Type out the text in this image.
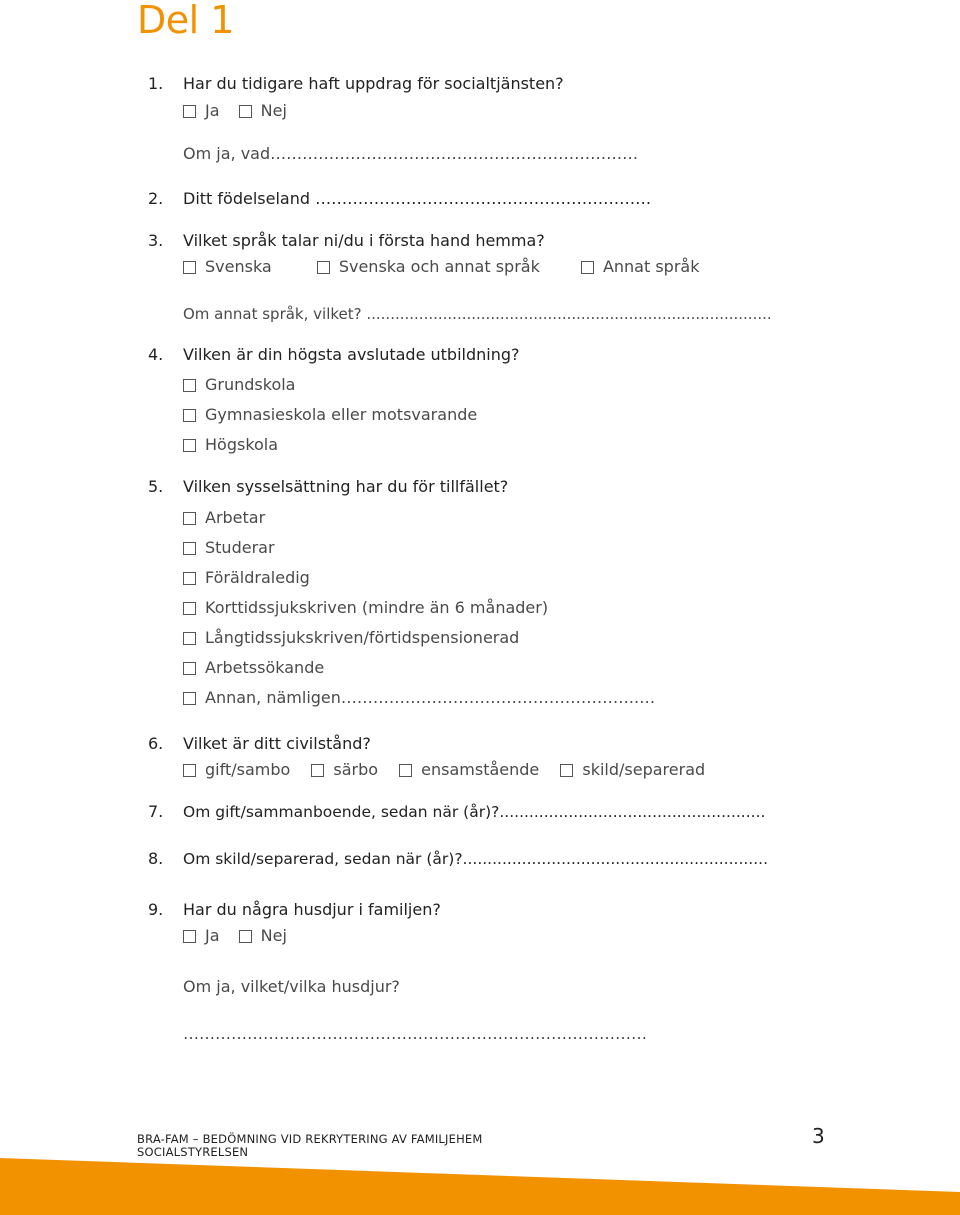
Del 1
1. Har du tidigare haft uppdrag för socialtjänsten?
Ja
	Nej
Om ja, vad……………………………………………………………
2. Ditt födelseland ………………………………………………………
3. Vilket språk talar ni/du i första hand hemma?
Svenska
	Svenska och annat språk
	Annat språk
Om annat språk, vilket? .....................................................................................
4. Vilken är din högsta avslutade utbildning?
Grundskola
Gymnasieskola eller motsvarande
Högskola
5. Vilken sysselsättning har du för tillfället?
Arbetar
Studerar
Föräldraledig
Korttidssjukskriven (mindre än 6 månader)
Långtidssjukskriven/förtidspensionerad
Arbetssökande
Annan, nämligen………………………………………………..…
6. Vilket är ditt civilstånd?
gift/sambo
	särbo
	ensamstående
	skild/separerad
7. Om gift/sammanboende, sedan när (år)?......................................................
8. Om skild/separerad, sedan när (år)?..............................................................
9. Har du några husdjur i familjen?
Ja
	Nej
Om ja, vilket/vilka husdjur?
……………………………………………………………………………
BRA-FAM – BEDÖMNING VID REKRYTERING AV FAMILJEHEM
SOCIALSTYRELSEN
3
